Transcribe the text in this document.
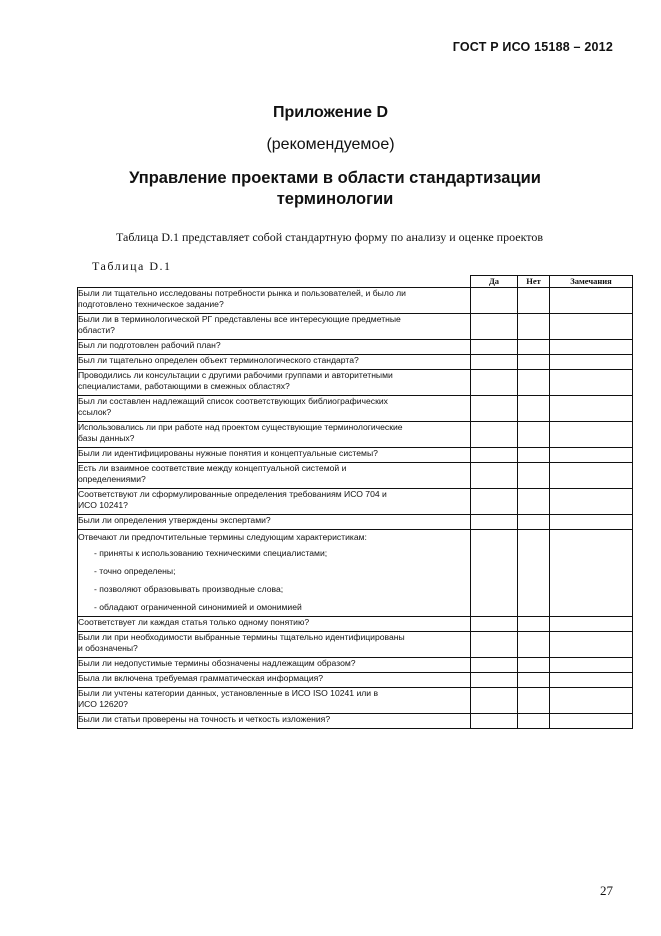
ГОСТ Р ИСО 15188 – 2012
Приложение D
(рекомендуемое)
Управление проектами в области стандартизации терминологии
Таблица D.1 представляет собой стандартную форму по анализу и оценке проектов
Таблица D.1
	Да	Нет	Замечания

Были ли тщательно исследованы потребности рынка и пользователей, и было ли
подготовлено техническое задание?			

Были ли в терминологической РГ представлены все интересующие предметные
области?			

Был ли подготовлен рабочий план?			

Был ли тщательно определен объект терминологического стандарта?			

Проводились ли консультации с другими рабочими группами и авторитетными
специалистами, работающими в смежных областях?			

Был ли составлен надлежащий список соответствующих библиографических
ссылок?			

Использовались ли при работе над проектом существующие терминологические
базы данных?			

Были ли идентифицированы нужные понятия и концептуальные системы?			

Есть ли взаимное соответствие между концептуальной системой и
определениями?			

Соответствуют ли сформулированные определения требованиям ИСО 704 и
ИСО 10241?			

Были ли определения утверждены экспертами?			

Отвечают ли предпочтительные термины следующим характеристикам:
- приняты к использованию техническими специалистами;
- точно определены;
- позволяют образовывать производные слова;
- обладают ограниченной синонимией и омонимией			

Соответствует ли каждая статья только одному понятию?			

Были ли при необходимости выбранные термины тщательно идентифицированы
и обозначены?			

Были ли недопустимые термины обозначены надлежащим образом?			

Была ли включена требуемая грамматическая информация?			

Были ли учтены категории данных, установленные в ИСО ISO 10241 или в
ИСО 12620?			

Были ли статьи проверены на точность и четкость изложения?			

27
